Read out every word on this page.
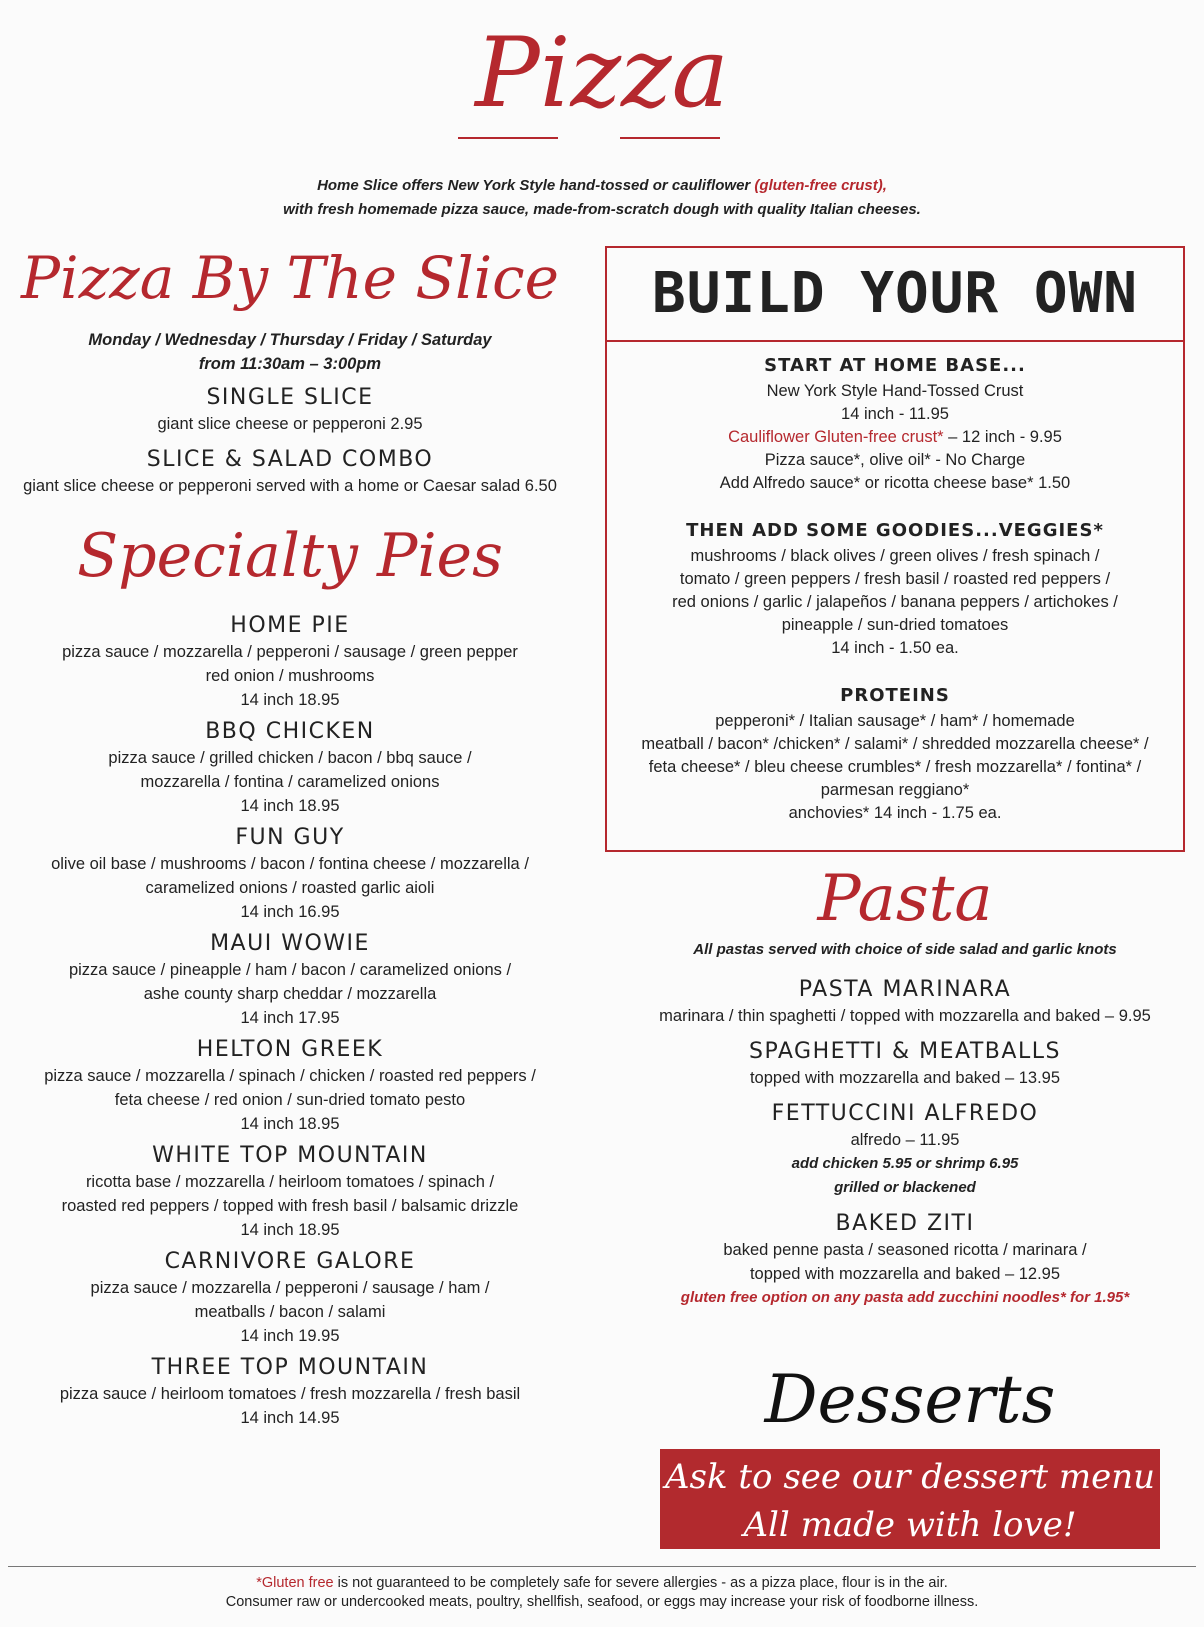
Pizza
Home Slice offers New York Style hand-tossed or cauliflower (gluten-free crust),
with fresh homemade pizza sauce, made-from-scratch dough with quality Italian cheeses.
Pizza By The Slice
Monday / Wednesday / Thursday / Friday / Saturday
from 11:30am – 3:00pm
SINGLE SLICE
giant slice cheese or pepperoni 2.95
SLICE & SALAD COMBO
giant slice cheese or pepperoni served with a home or Caesar salad 6.50
Specialty Pies
HOME PIE
pizza sauce / mozzarella / pepperoni / sausage / green pepper
red onion / mushrooms
14 inch 18.95
BBQ CHICKEN
pizza sauce / grilled chicken / bacon / bbq sauce /
mozzarella / fontina / caramelized onions
14 inch 18.95
FUN GUY
olive oil base / mushrooms / bacon / fontina cheese / mozzarella /
caramelized onions / roasted garlic aioli
14 inch 16.95
MAUI WOWIE
pizza sauce / pineapple / ham / bacon / caramelized onions /
ashe county sharp cheddar / mozzarella
14 inch 17.95
HELTON GREEK
pizza sauce / mozzarella / spinach / chicken / roasted red peppers /
feta cheese / red onion / sun-dried tomato pesto
14 inch 18.95
WHITE TOP MOUNTAIN
ricotta base / mozzarella / heirloom tomatoes / spinach /
roasted red peppers / topped with fresh basil / balsamic drizzle
14 inch 18.95
CARNIVORE GALORE
pizza sauce / mozzarella / pepperoni / sausage / ham /
meatballs / bacon / salami
14 inch 19.95
THREE TOP MOUNTAIN
pizza sauce / heirloom tomatoes / fresh mozzarella / fresh basil
14 inch 14.95
BUILD YOUR OWN
START AT HOME BASE...
New York Style Hand-Tossed Crust
14 inch - 11.95
Cauliflower Gluten-free crust* – 12 inch - 9.95
Pizza sauce*, olive oil* - No Charge
Add Alfredo sauce* or ricotta cheese base* 1.50
THEN ADD SOME GOODIES...VEGGIES*
mushrooms / black olives / green olives / fresh spinach /
tomato / green peppers / fresh basil / roasted red peppers /
red onions / garlic / jalapeños / banana peppers / artichokes /
pineapple / sun-dried tomatoes
14 inch - 1.50 ea.
PROTEINS
pepperoni* / Italian sausage* / ham* / homemade
meatball / bacon* /chicken* / salami* / shredded mozzarella cheese* /
feta cheese* / bleu cheese crumbles* / fresh mozzarella* / fontina* /
parmesan reggiano*
anchovies* 14 inch - 1.75 ea.
Pasta
All pastas served with choice of side salad and garlic knots
PASTA MARINARA
marinara / thin spaghetti / topped with mozzarella and baked – 9.95
SPAGHETTI & MEATBALLS
topped with mozzarella and baked – 13.95
FETTUCCINI ALFREDO
alfredo – 11.95
add chicken 5.95 or shrimp 6.95
grilled or blackened
BAKED ZITI
baked penne pasta / seasoned ricotta / marinara /
topped with mozzarella and baked – 12.95
gluten free option on any pasta add zucchini noodles* for 1.95*
Desserts
Ask to see our dessert menu
All made with love!
*Gluten free is not guaranteed to be completely safe for severe allergies - as a pizza place, flour is in the air.
Consumer raw or undercooked meats, poultry, shellfish, seafood, or eggs may increase your risk of foodborne illness.
